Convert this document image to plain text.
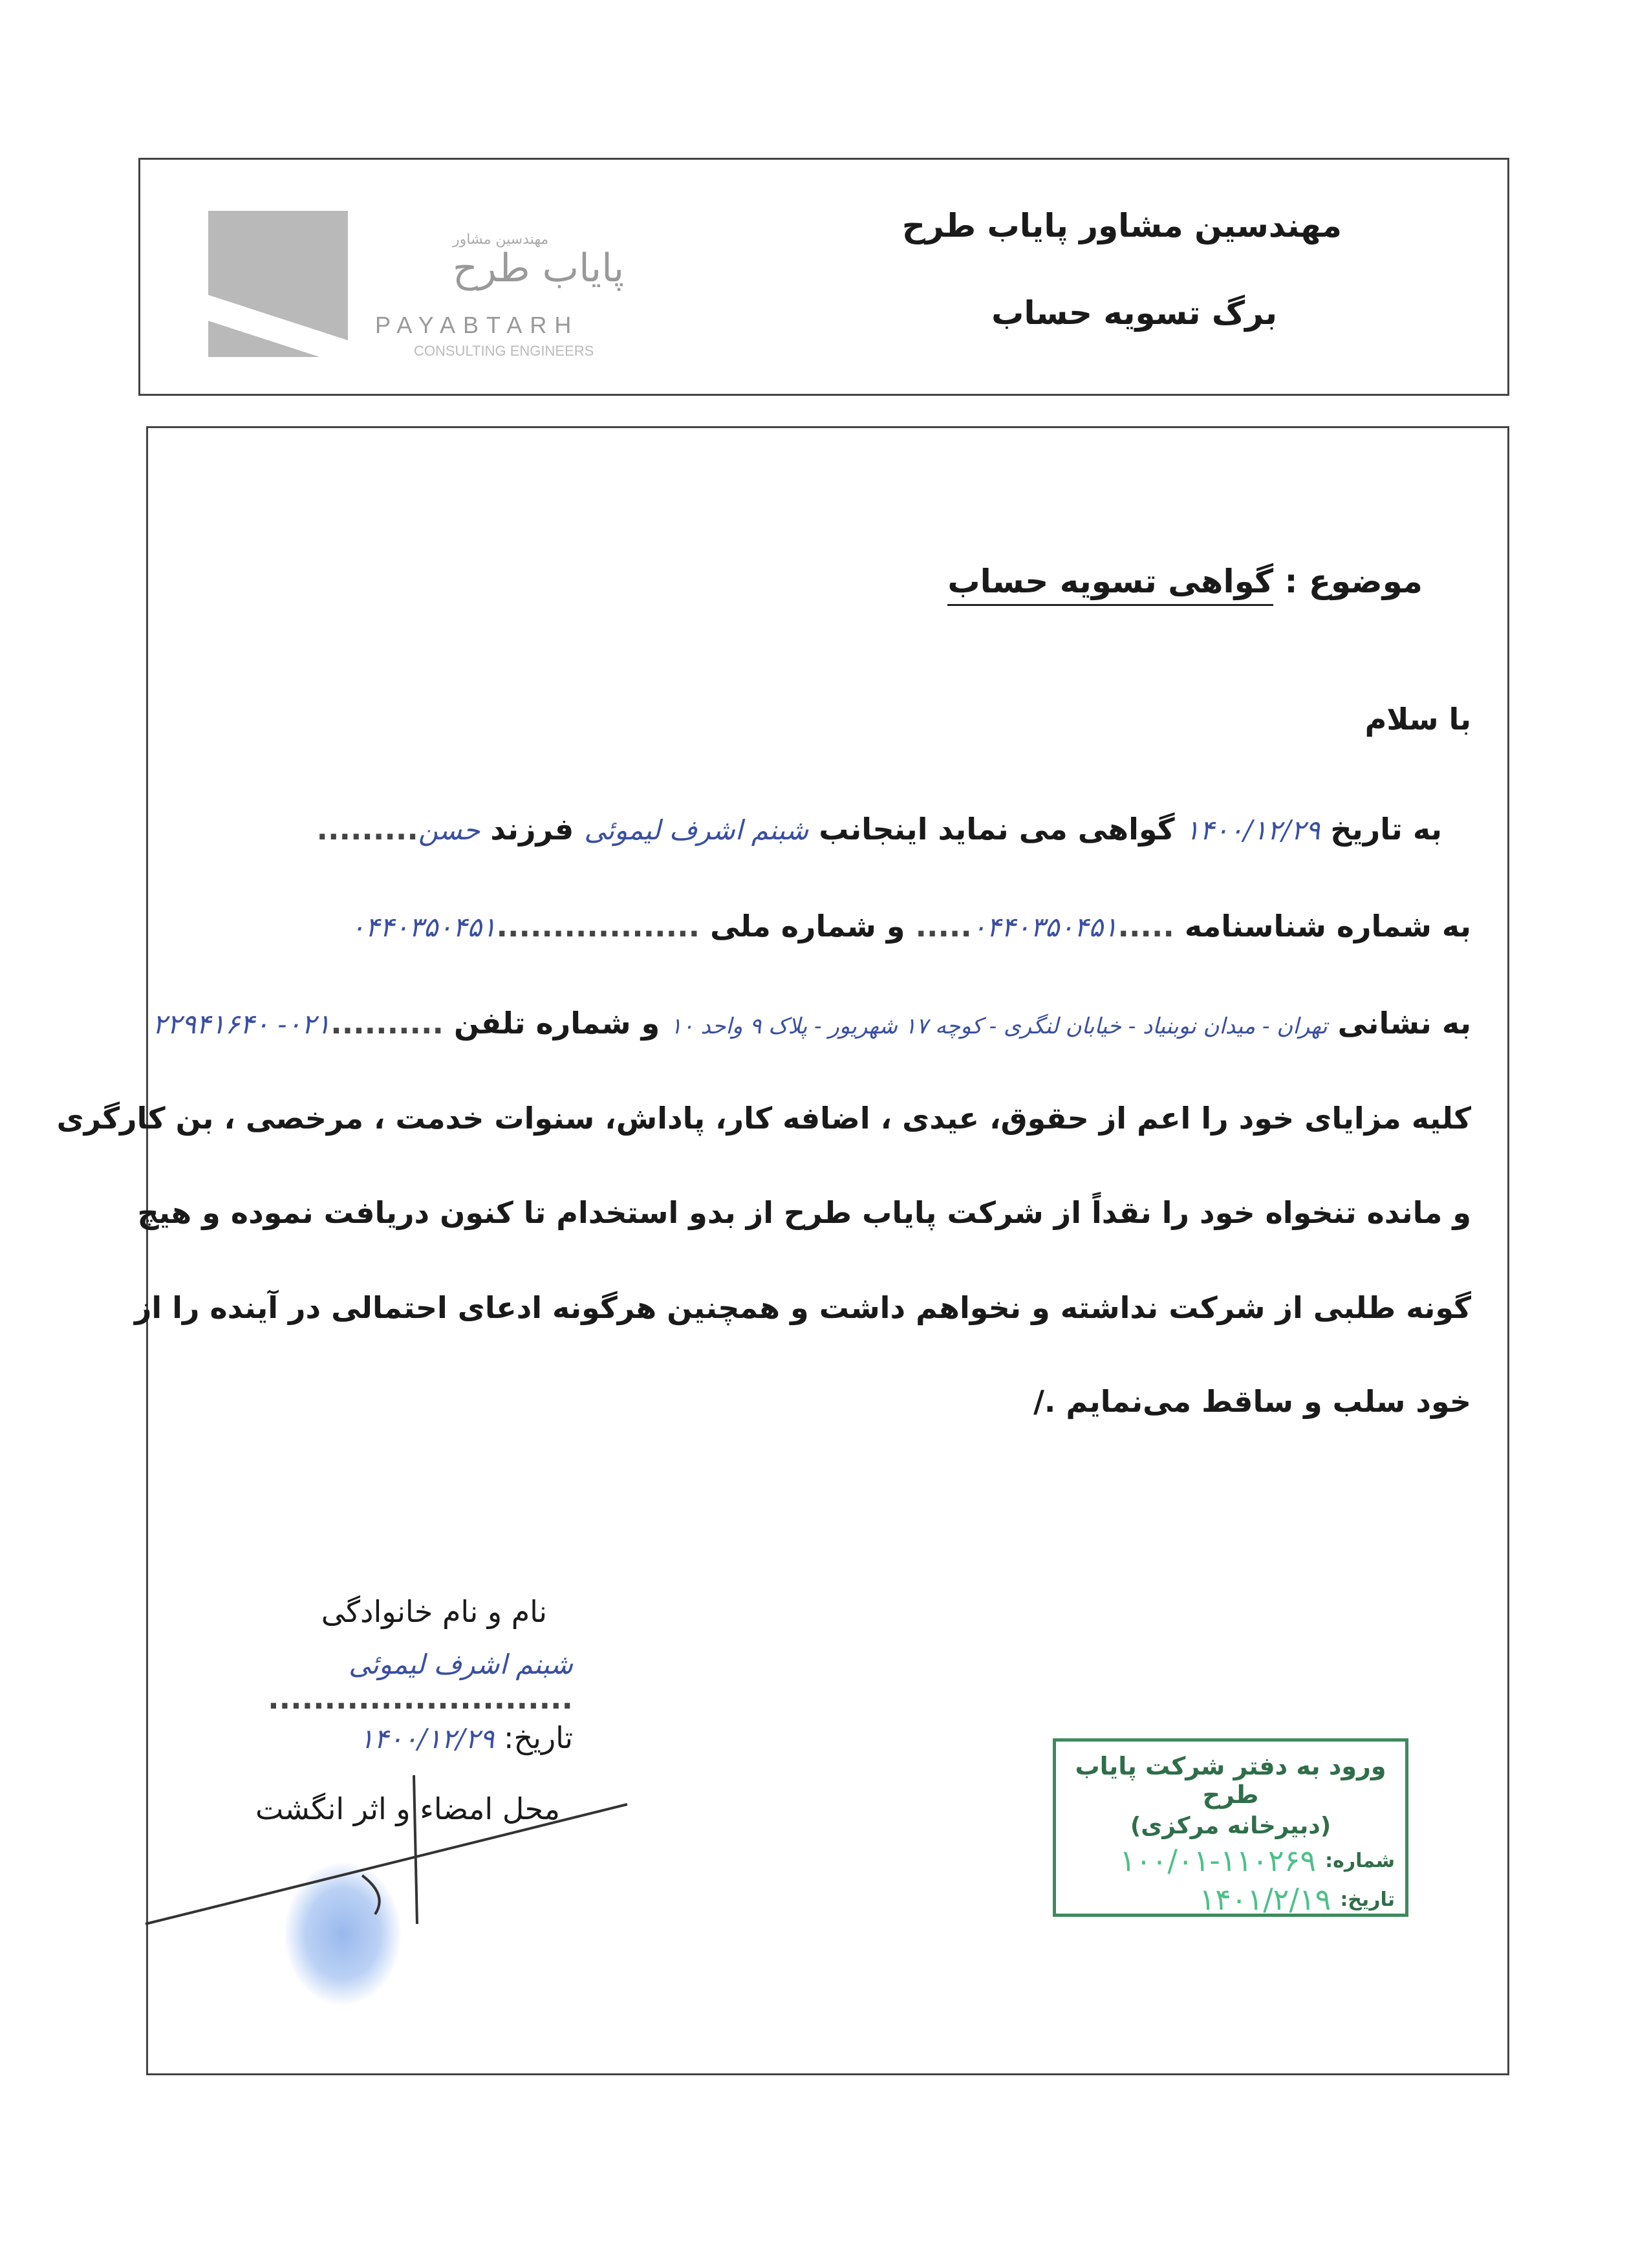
مهندسین مشاور
پایاب طرح
PAYABTARH
CONSULTING ENGINEERS
مهندسین مشاور پایاب طرح
برگ تسویه حساب
موضوع : گواهی تسویه حساب
با سلام
به تاریخ ۱۴۰۰/۱۲/۲۹ گواهی می نماید اینجانب شبنم اشرف لیموئی فرزند حسن.........
به شماره شناسنامه .....۰۴۴۰۳۵۰۴۵۱..... و شماره ملی ..................۰۴۴۰۳۵۰۴۵۱
به نشانی تهران - میدان نوبنیاد - خیابان لنگری - کوچه ۱۷ شهریور - پلاک ۹ واحد ۱۰ و شماره تلفن ..........۰۲۱- ۲۲۹۴۱۶۴۰
کلیه مزایای خود را اعم از حقوق، عیدی ، اضافه کار، پاداش، سنوات خدمت ، مرخصی ، بن کارگری
و مانده تنخواه خود را نقداً از شرکت پایاب طرح از بدو استخدام تا کنون دریافت نموده و هیچ
گونه طلبی از شرکت نداشته و نخواهم داشت و همچنین هرگونه ادعای احتمالی در آینده را از
خود سلب و ساقط می‌نمایم ./
نام و نام خانوادگی
شبنم اشرف لیموئی
...........................
تاریخ: ۱۴۰۰/۱۲/۲۹
محل امضاء و اثر انگشت
ورود به دفتر شرکت پایاب طرح
(دبیرخانه مرکزی)
شماره:
۱۰۰/۰۱-۱۱۰۲۶۹
تاریخ:
۱۴۰۱/۲/۱۹
